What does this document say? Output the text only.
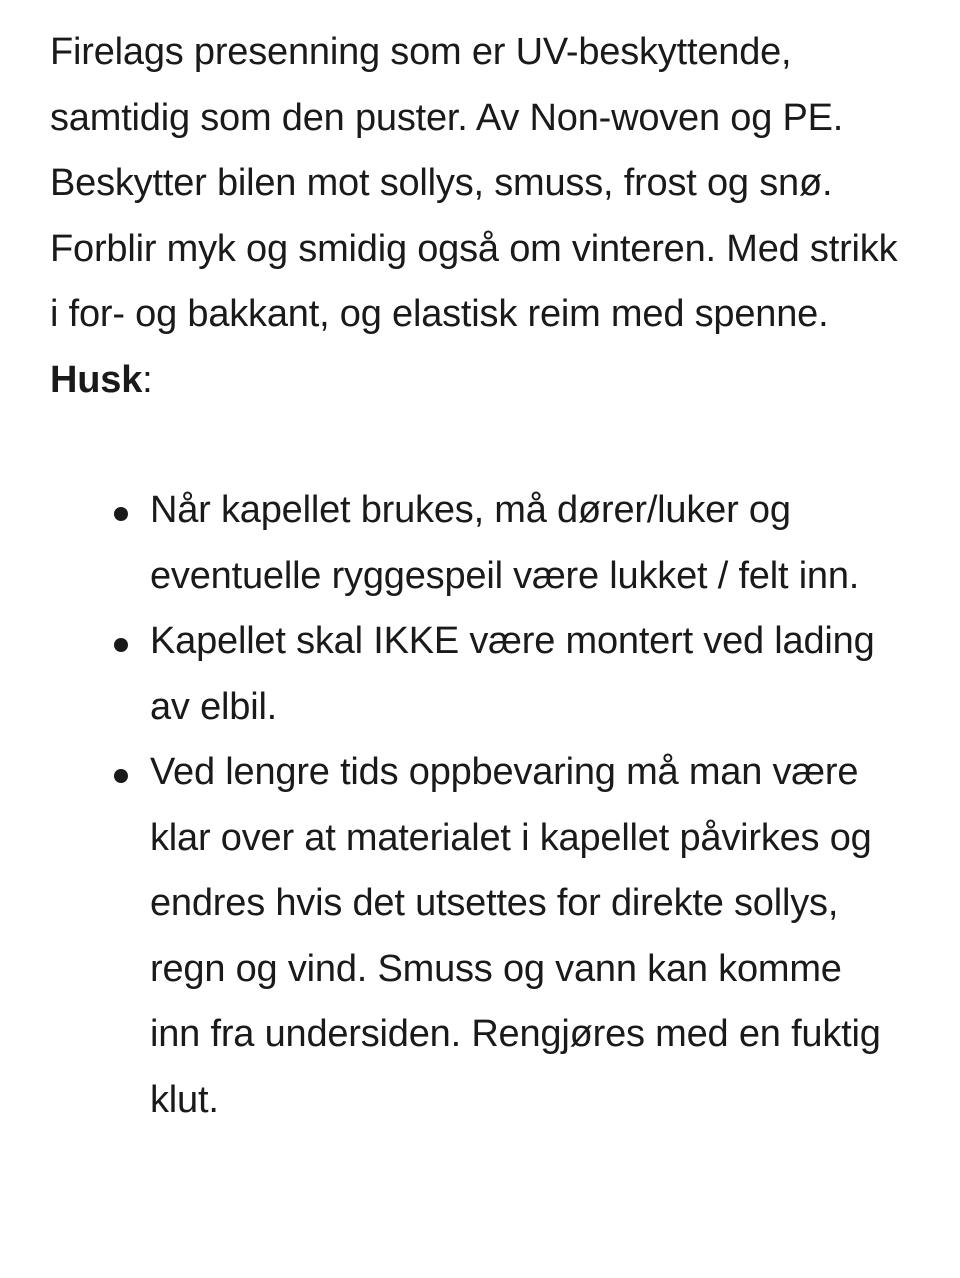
Firelags presenning som er UV-beskyttende, samtidig som den puster. Av Non-woven og PE. Beskytter bilen mot sollys, smuss, frost og snø. Forblir myk og smidig også om vinteren. Med strikk i for- og bakkant, og elastisk reim med spenne.

Husk:

Når kapellet brukes, må dører/luker og eventuelle ryggespeil være lukket / felt inn.
Kapellet skal IKKE være montert ved lading av elbil.
Ved lengre tids oppbevaring må man være klar over at materialet i kapellet påvirkes og endres hvis det utsettes for direkte sollys, regn og vind. Smuss og vann kan komme inn fra undersiden. Rengjøres med en fuktig klut.
